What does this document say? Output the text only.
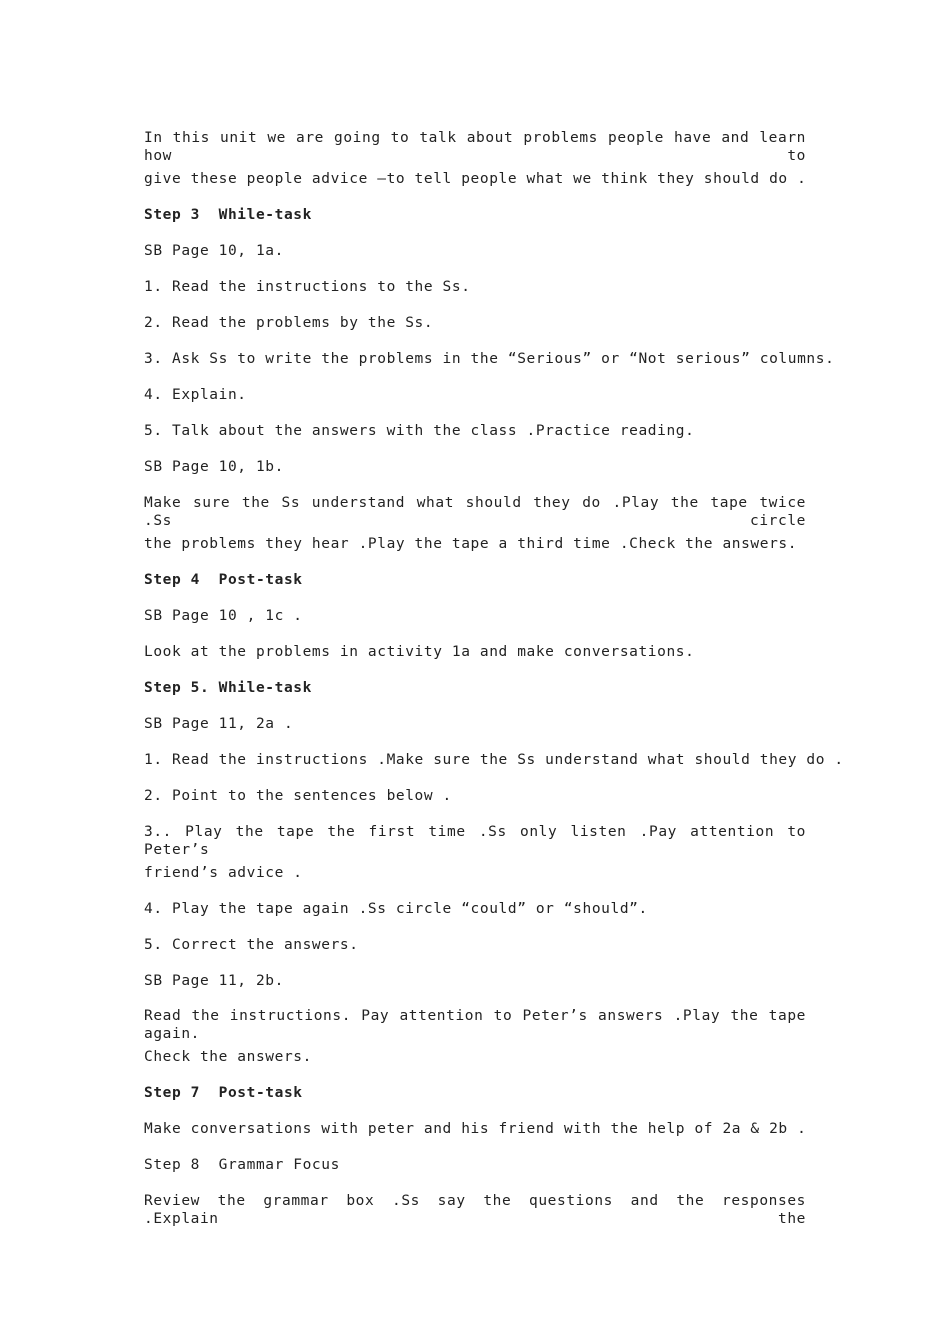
In this unit we are going to talk about problems people have and learn how to
give these people advice –to tell people what we think they should do .
Step 3  While-task
SB Page 10, 1a.
1. Read the instructions to the Ss.
2. Read the problems by the Ss.
3. Ask Ss to write the problems in the “Serious” or “Not serious” columns.
4. Explain.
5. Talk about the answers with the class .Practice reading.
SB Page 10, 1b.
Make sure the Ss understand what should they do .Play the tape twice .Ss circle
the problems they hear .Play the tape a third time .Check the answers.
Step 4  Post-task
SB Page 10 , 1c .
Look at the problems in activity 1a and make conversations.
Step 5. While-task
SB Page 11, 2a .
1. Read the instructions .Make sure the Ss understand what should they do .
2. Point to the sentences below .
3.. Play the tape the first time .Ss only listen .Pay attention to Peter’s
friend’s advice .
4. Play the tape again .Ss circle “could” or “should”.
5. Correct the answers.
SB Page 11, 2b.
Read the instructions. Pay attention to Peter’s answers .Play the tape again.
Check the answers.
Step 7  Post-task
Make conversations with peter and his friend with the help of 2a & 2b .
Step 8  Grammar Focus
Review the grammar box .Ss say the questions and the responses .Explain the
